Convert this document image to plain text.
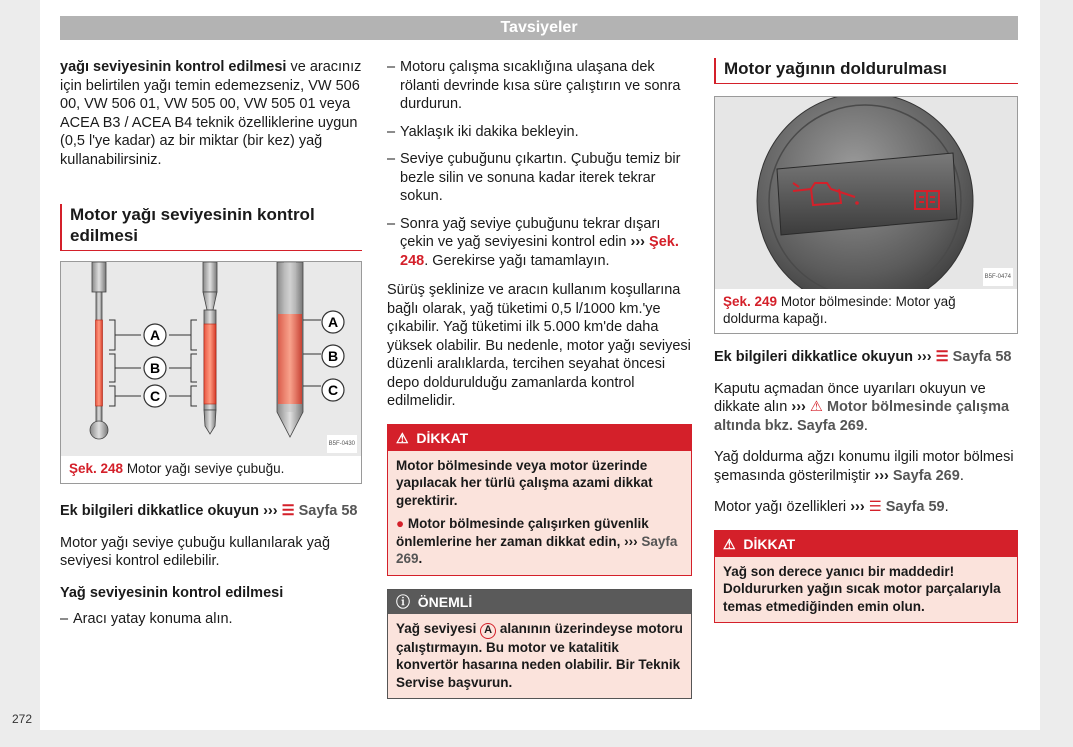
Tavsiyeler
272

yağı seviyesinin kontrol edilmesi ve aracınız için belirtilen yağı temin edemezseniz, VW 506 00, VW 506 01, VW 505 00, VW 505 01 veya ACEA B3 / ACEA B4 teknik özelliklerine uygun (0,5 l'ye kadar) az bir miktar (bir kez) yağ kullanabilirsiniz.

Motor yağı seviyesinin kontrol edilmesi
A
B
C
A
B
C
B5F-0430
Şek. 248 Motor yağı seviye çubuğu.

Ek bilgileri dikkatlice okuyun ››› ☰ Sayfa 58

Motor yağı seviye çubuğu kullanılarak yağ seviyesi kontrol edilebilir.

Yağ seviyesinin kontrol edilmesi

– Aracı yatay konuma alın.
– Motoru çalışma sıcaklığına ulaşana dek rölanti devrinde kısa süre çalıştırın ve sonra durdurun.
– Yaklaşık iki dakika bekleyin.
– Seviye çubuğunu çıkartın. Çubuğu temiz bir bezle silin ve sonuna kadar iterek tekrar sokun.
– Sonra yağ seviye çubuğunu tekrar dışarı çekin ve yağ seviyesini kontrol edin ››› Şek. 248. Gerekirse yağı tamamlayın.

Sürüş şeklinize ve aracın kullanım koşullarına bağlı olarak, yağ tüketimi 0,5 l/1000 km.'ye çıkabilir. Yağ tüketimi ilk 5.000 km'de daha yüksek olabilir. Bu nedenle, motor yağı seviyesi düzenli aralıklarda, tercihen seyahat öncesi depo doldurulduğu zamanlarda kontrol edilmelidir.

⚠ DİKKAT
Motor bölmesinde veya motor üzerinde yapılacak her türlü çalışma azami dikkat gerektirir.
● Motor bölmesinde çalışırken güvenlik önlemlerine her zaman dikkat edin, ››› Sayfa 269.
ⓘ ÖNEMLİ
Yağ seviyesi A alanının üzerindeyse motoru çalıştırmayın. Bu motor ve katalitik konvertör hasarına neden olabilir. Bir Teknik Servise başvurun.
Motor yağının doldurulması
B5F-0474
Şek. 249 Motor bölmesinde: Motor yağ doldurma kapağı.

Ek bilgileri dikkatlice okuyun ››› ☰ Sayfa 58

Kaputu açmadan önce uyarıları okuyun ve dikkate alın ››› ⚠ Motor bölmesinde çalışma altında bkz. Sayfa 269.

Yağ doldurma ağzı konumu ilgili motor bölmesi şemasında gösterilmiştir ››› Sayfa 269.

Motor yağı özellikleri ››› ☰ Sayfa 59.

⚠ DİKKAT
Yağ son derece yanıcı bir maddedir! Doldururken yağın sıcak motor parçalarıyla temas etmediğinden emin olun.
